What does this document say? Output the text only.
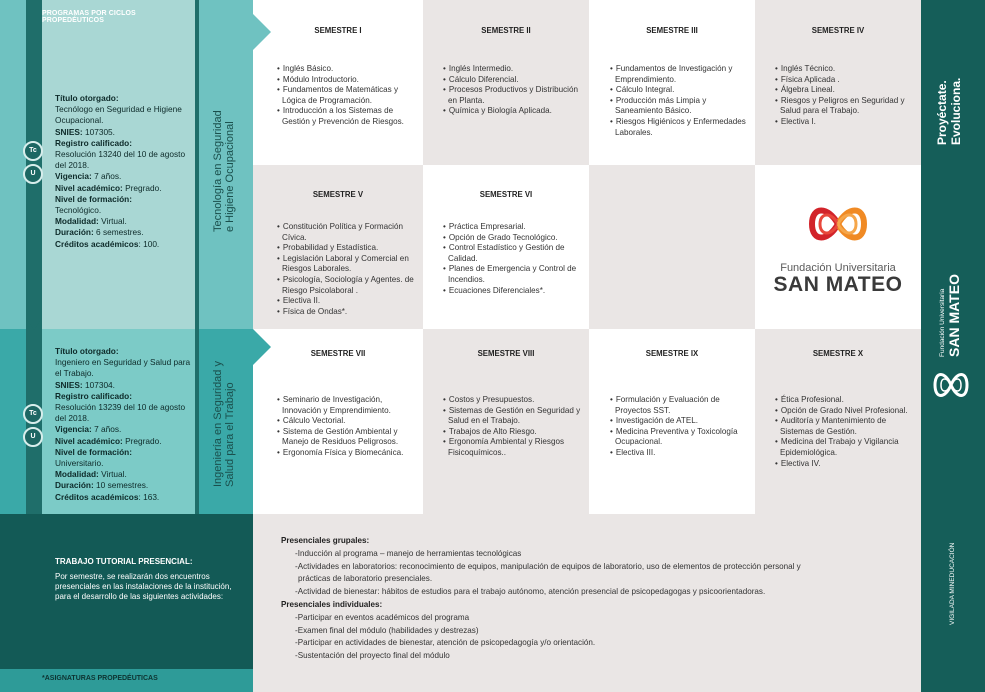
PROGRAMAS POR CICLOS PROPEDÉUTICOS
Título otorgado:
Tecnólogo en Seguridad e Higiene Ocupacional.
SNIES: 107305.
Registro calificado:
Resolución 13240 del 10 de agosto del 2018.
Vigencia: 7 años.
Nivel académico: Pregrado.
Nivel de formación:
Tecnológico.
Modalidad: Virtual.
Duración: 6 semestres.
Créditos académicos: 100.
Tc
U	Tecnología en Seguridad e Higiene Ocupacional
Título otorgado:
Ingeniero en Seguridad y Salud para el Trabajo.
SNIES: 107304.
Registro calificado:
Resolución 13239 del 10 de agosto del 2018.
Vigencia: 7 años.
Nivel académico: Pregrado.
Nivel de formación:
Universitario.
Modalidad: Virtual.
Duración: 10 semestres.
Créditos académicos: 163.
Tc
U	Ingeniería en Seguridad y Salud para el Trabajo
TRABAJO TUTORIAL PRESENCIAL:
Por semestre, se realizarán dos encuentros presenciales en las instalaciones de la institución, para el desarrollo de las siguientes actividades:
*ASIGNATURAS PROPEDÉUTICAS
SEMESTRE I
• Inglés Básico.
• Módulo Introductorio.
• Fundamentos de Matemáticas y Lógica de Programación.
• Introducción a los Sistemas de Gestión y Prevención de Riesgos.
SEMESTRE II
• Inglés Intermedio.
• Cálculo Diferencial.
• Procesos Productivos y Distribución en Planta.
• Química y Biología Aplicada.
SEMESTRE III
• Fundamentos de Investigación y Emprendimiento.
• Cálculo Integral.
• Producción más Limpia y Saneamiento Básico.
• Riesgos Higiénicos y Enfermedades Laborales.
SEMESTRE IV
• Inglés Técnico.
• Física Aplicada .
• Álgebra Lineal.
• Riesgos y Peligros en Seguridad y Salud para el Trabajo.
• Electiva I.
SEMESTRE V
• Constitución Política y Formación Cívica.
• Probabilidad y Estadística.
• Legislación Laboral y Comercial en Riesgos Laborales.
• Psicología, Sociología y Agentes. de Riesgo Psicolaboral .
• Electiva II.
• Física de Ondas*.
SEMESTRE VI
• Práctica Empresarial.
• Opción de Grado Tecnológico.
• Control Estadístico y Gestión de Calidad.
• Planes de Emergencia y Control de Incendios.
• Ecuaciones Diferenciales*.
SEMESTRE VII
• Seminario de Investigación, Innovación y Emprendimiento.
• Cálculo Vectorial.
• Sistema de Gestión Ambiental y Manejo de Residuos Peligrosos.
• Ergonomía Física y Biomecánica.
SEMESTRE VIII
• Costos y Presupuestos.
• Sistemas de Gestión en Seguridad y Salud en el Trabajo.
• Trabajos de Alto Riesgo.
• Ergonomía Ambiental y Riesgos Fisicoquímicos..
SEMESTRE IX
• Formulación y Evaluación de Proyectos SST.
• Investigación de ATEL.
• Medicina Preventiva y Toxicología Ocupacional.
• Electiva III.
SEMESTRE X
• Ética Profesional.
• Opción de Grado Nivel Profesional.
• Auditoría y Mantenimiento de Sistemas de Gestión.
• Medicina del Trabajo y Vigilancia Epidemiológica.
• Electiva IV.
Fundación Universitaria
SAN MATEO
Presenciales grupales:
-Inducción al programa – manejo de herramientas tecnológicas
-Actividades en laboratorios: reconocimiento de equipos, manipulación de equipos de laboratorio, uso de elementos de protección personal y
prácticas de laboratorio presenciales.
-Actividad de bienestar: hábitos de estudios para el trabajo autónomo, atención presencial de psicopedagogas y psicoorientadoras.
Presenciales individuales:
-Participar en eventos académicos del programa
-Examen final del módulo (habilidades y destrezas)
-Participar en actividades de bienestar, atención de psicopedagogía y/o orientación.
-Sustentación del proyecto final del módulo
Proyéctate. Evoluciona.
Fundación Universitaria SAN MATEO
VIGILADA MINEDUCACIÓN
